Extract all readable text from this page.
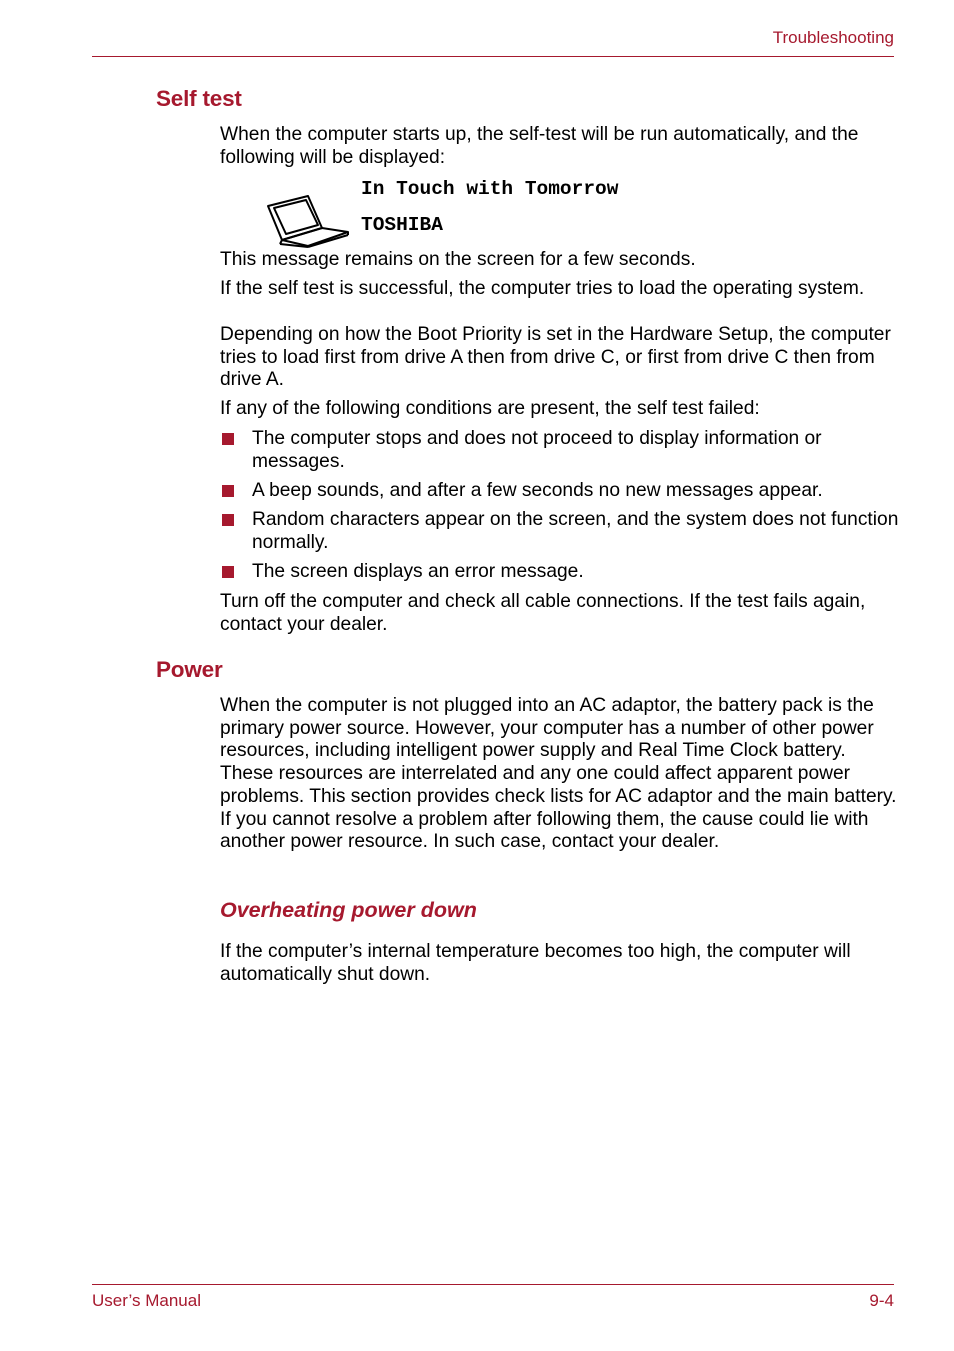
Troubleshooting
Self test

When the computer starts up, the self-test will be run automatically, and the following will be displayed:

In Touch with Tomorrow

TOSHIBA

This message remains on the screen for a few seconds.

If the self test is successful, the computer tries to load the operating system.

Depending on how the Boot Priority is set in the Hardware Setup, the computer tries to load first from drive A then from drive C, or first from drive C then from drive A.

If any of the following conditions are present, the self test failed:

The computer stops and does not proceed to display information or messages.
A beep sounds, and after a few seconds no new messages appear.
Random characters appear on the screen, and the system does not function normally.
The screen displays an error message.

Turn off the computer and check all cable connections. If the test fails again, contact your dealer.

Power

When the computer is not plugged into an AC adaptor, the battery pack is the primary power source. However, your computer has a number of other power resources, including intelligent power supply and Real Time Clock battery. These resources are interrelated and any one could affect apparent power problems. This section provides check lists for AC adaptor and the main battery. If you cannot resolve a problem after following them, the cause could lie with another power resource. In such case, contact your dealer.

Overheating power down

If the computer’s internal temperature becomes too high, the computer will automatically shut down.

User’s Manual	9-4
